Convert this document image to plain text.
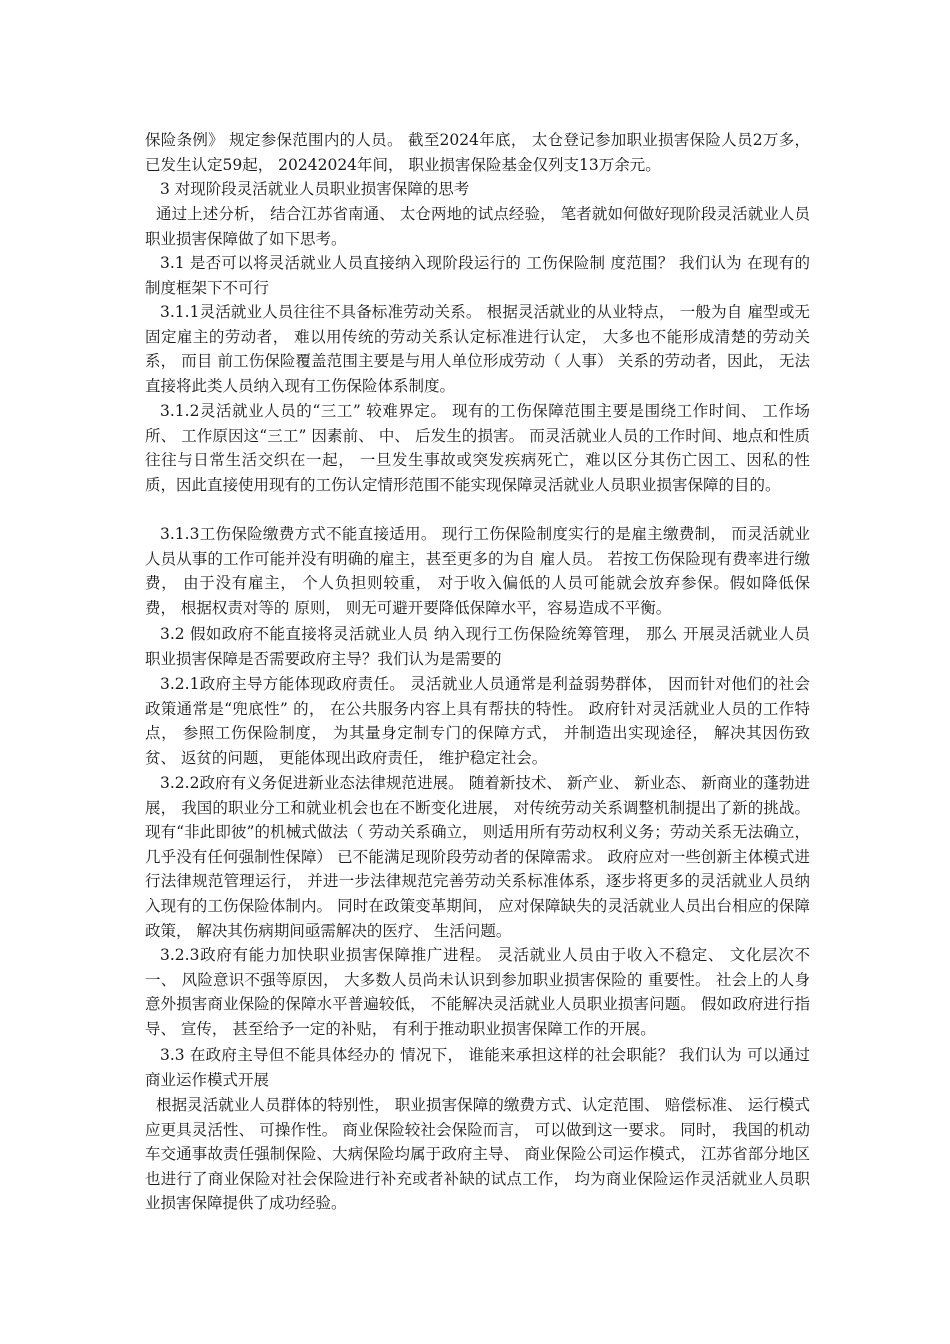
保险条例》 规定参保范围内的人员。 截至2024年底， 太仓登记参加职业损害保险人员2万多， 已发生认定59起， 20242024年间， 职业损害保险基金仅列支13万余元。

3 对现阶段灵活就业人员职业损害保障的思考

通过上述分析， 结合江苏省南通、 太仓两地的试点经验， 笔者就如何做好现阶段灵活就业人员职业损害保障做了如下思考。

3.1 是否可以将灵活就业人员直接纳入现阶段运行的 工伤保险制 度范围？ 我们认为 在现有的 制度框架下不可行

3.1.1灵活就业人员往往不具备标准劳动关系。 根据灵活就业的从业特点， 一般为自 雇型或无固定雇主的劳动者， 难以用传统的劳动关系认定标准进行认定， 大多也不能形成清楚的劳动关系， 而目 前工伤保险覆盖范围主要是与用人单位形成劳动（ 人事） 关系的劳动者，因此， 无法直接将此类人员纳入现有工伤保险体系制度。

3.1.2灵活就业人员的“三工” 较难界定。 现有的工伤保障范围主要是围绕工作时间、 工作场所、 工作原因这“三工” 因素前、 中、 后发生的损害。 而灵活就业人员的工作时间、地点和性质往往与日常生活交织在一起， 一旦发生事故或突发疾病死亡，难以区分其伤亡因工、因私的性质，因此直接使用现有的工伤认定情形范围不能实现保障灵活就业人员职业损害保障的目的。

3.1.3工伤保险缴费方式不能直接适用。 现行工伤保险制度实行的是雇主缴费制， 而灵活就业人员从事的工作可能并没有明确的雇主，甚至更多的为自 雇人员。 若按工伤保险现有费率进行缴费， 由于没有雇主， 个人负担则较重， 对于收入偏低的人员可能就会放弃参保。假如降低保费， 根据权责对等的 原则， 则无可避开要降低保障水平，容易造成不平衡。

3.2 假如政府不能直接将灵活就业人员 纳入现行工伤保险统筹管理， 那么 开展灵活就业人员 职业损害保障是否需要政府主导？我们认为是需要的

3.2.1政府主导方能体现政府责任。 灵活就业人员通常是利益弱势群体， 因而针对他们的社会政策通常是“兜底性” 的， 在公共服务内容上具有帮扶的特性。 政府针对灵活就业人员的工作特点， 参照工伤保险制度， 为其量身定制专门的保障方式， 并制造出实现途径， 解决其因伤致贫、 返贫的问题， 更能体现出政府责任， 维护稳定社会。

3.2.2政府有义务促进新业态法律规范进展。 随着新技术、 新产业、 新业态、 新商业的蓬勃进展， 我国的职业分工和就业机会也在不断变化进展， 对传统劳动关系调整机制提出了新的挑战。 现有“非此即彼”的机械式做法（ 劳动关系确立， 则适用所有劳动权利义务；劳动关系无法确立， 几乎没有任何强制性保障） 已不能满足现阶段劳动者的保障需求。 政府应对一些创新主体模式进行法律规范管理运行， 并进一步法律规范完善劳动关系标准体系，逐步将更多的灵活就业人员纳入现有的工伤保险体制内。 同时在政策变革期间， 应对保障缺失的灵活就业人员出台相应的保障政策， 解决其伤病期间亟需解决的医疗、 生活问题。

3.2.3政府有能力加快职业损害保障推广进程。 灵活就业人员由于收入不稳定、 文化层次不一、 风险意识不强等原因， 大多数人员尚未认识到参加职业损害保险的 重要性。 社会上的人身意外损害商业保险的保障水平普遍较低， 不能解决灵活就业人员职业损害问题。 假如政府进行指导、 宣传， 甚至给予一定的补贴， 有利于推动职业损害保障工作的开展。

3.3 在政府主导但不能具体经办的 情况下， 谁能来承担这样的社会职能？ 我们认为 可以通过商业运作模式开展

根据灵活就业人员群体的特别性， 职业损害保障的缴费方式、认定范围、 赔偿标准、 运行模式应更具灵活性、 可操作性。 商业保险较社会保险而言， 可以做到这一要求。 同时， 我国的机动车交通事故责任强制保险、大病保险均属于政府主导、 商业保险公司运作模式， 江苏省部分地区也进行了商业保险对社会保险进行补充或者补缺的试点工作， 均为商业保险运作灵活就业人员职业损害保障提供了成功经验。
